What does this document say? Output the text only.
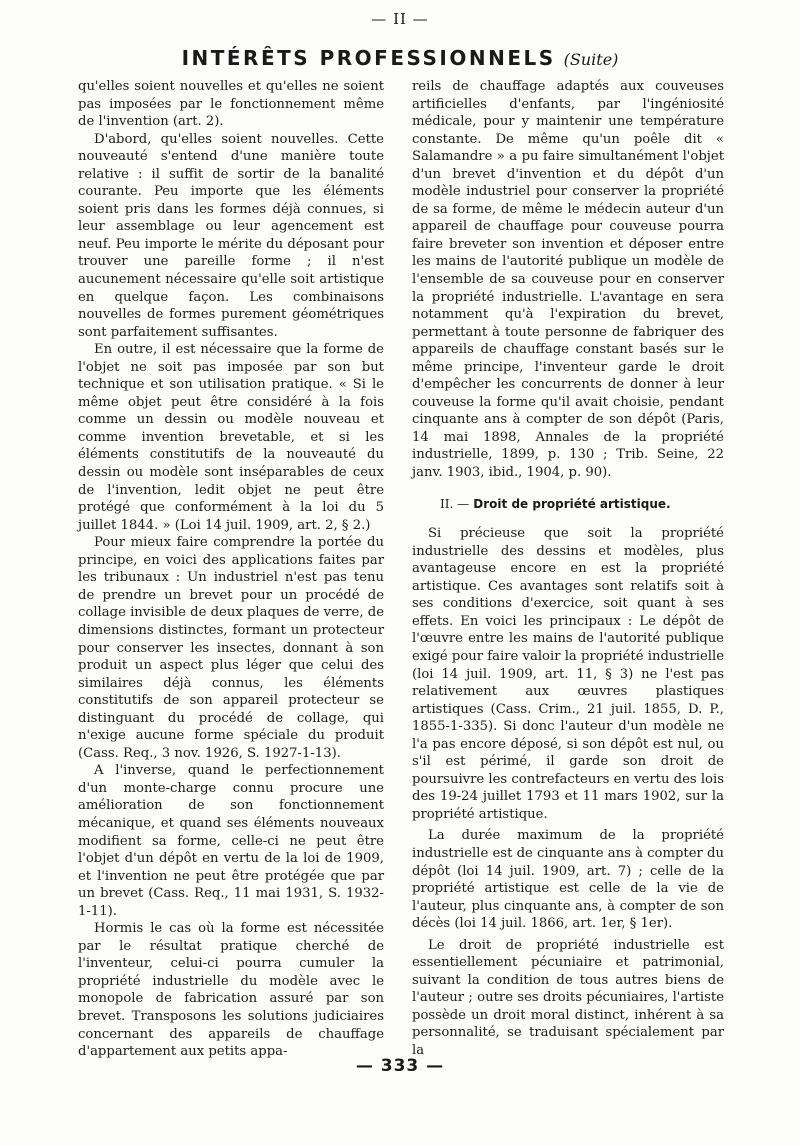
— II —
INTÉRÊTS PROFESSIONNELS (Suite)

qu'elles soient nouvelles et qu'elles ne soient pas imposées par le fonctionnement même de l'invention (art. 2).

D'abord, qu'elles soient nouvelles. Cette nouveauté s'entend d'une manière toute relative : il suffit de sortir de la banalité courante. Peu importe que les éléments soient pris dans les formes déjà connues, si leur assemblage ou leur agencement est neuf. Peu importe le mérite du déposant pour trouver une pareille forme ; il n'est aucunement nécessaire qu'elle soit artistique en quelque façon. Les combinaisons nouvelles de formes purement géométriques sont parfaitement suffisantes.

En outre, il est nécessaire que la forme de l'objet ne soit pas imposée par son but technique et son utilisation pratique. « Si le même objet peut être considéré à la fois comme un dessin ou modèle nouveau et comme invention brevetable, et si les éléments constitutifs de la nouveauté du dessin ou modèle sont inséparables de ceux de l'invention, ledit objet ne peut être protégé que conformément à la loi du 5 juillet 1844. » (Loi 14 juil. 1909, art. 2, § 2.)

Pour mieux faire comprendre la portée du principe, en voici des applications faites par les tribunaux : Un industriel n'est pas tenu de prendre un brevet pour un procédé de collage invisible de deux plaques de verre, de dimensions distinctes, formant un protecteur pour conserver les insectes, donnant à son produit un aspect plus léger que celui des similaires déjà connus, les éléments constitutifs de son appareil protecteur se distinguant du procédé de collage, qui n'exige aucune forme spéciale du produit (Cass. Req., 3 nov. 1926, S. 1927-1-13).

A l'inverse, quand le perfectionnement d'un monte-charge connu procure une amélioration de son fonctionnement mécanique, et quand ses éléments nouveaux modifient sa forme, celle-ci ne peut être l'objet d'un dépôt en vertu de la loi de 1909, et l'invention ne peut être protégée que par un brevet (Cass. Req., 11 mai 1931, S. 1932-1-11).

Hormis le cas où la forme est nécessitée par le résultat pratique cherché de l'inventeur, celui-ci pourra cumuler la propriété industrielle du modèle avec le monopole de fabrication assuré par son brevet. Transposons les solutions judiciaires concernant des appareils de chauffage d'appartement aux petits appa-

reils de chauffage adaptés aux couveuses artificielles d'enfants, par l'ingéniosité médicale, pour y maintenir une température constante. De même qu'un poêle dit « Salamandre » a pu faire simultanément l'objet d'un brevet d'invention et du dépôt d'un modèle industriel pour conserver la propriété de sa forme, de même le médecin auteur d'un appareil de chauffage pour couveuse pourra faire breveter son invention et déposer entre les mains de l'autorité publique un modèle de l'ensemble de sa couveuse pour en conserver la propriété industrielle. L'avantage en sera notamment qu'à l'expiration du brevet, permettant à toute personne de fabriquer des appareils de chauffage constant basés sur le même principe, l'inventeur garde le droit d'empêcher les concurrents de donner à leur couveuse la forme qu'il avait choisie, pendant cinquante ans à compter de son dépôt (Paris, 14 mai 1898, Annales de la propriété industrielle, 1899, p. 130 ; Trib. Seine, 22 janv. 1903, ibid., 1904, p. 90).

II. — Droit de propriété artistique.

Si précieuse que soit la propriété industrielle des dessins et modèles, plus avantageuse encore en est la propriété artistique. Ces avantages sont relatifs soit à ses conditions d'exercice, soit quant à ses effets. En voici les principaux : Le dépôt de l'œuvre entre les mains de l'autorité publique exigé pour faire valoir la propriété industrielle (loi 14 juil. 1909, art. 11, § 3) ne l'est pas relativement aux œuvres plastiques artistiques (Cass. Crim., 21 juil. 1855, D. P., 1855-1-335). Si donc l'auteur d'un modèle ne l'a pas encore déposé, si son dépôt est nul, ou s'il est périmé, il garde son droit de poursuivre les contrefacteurs en vertu des lois des 19-24 juillet 1793 et 11 mars 1902, sur la propriété artistique.

La durée maximum de la propriété industrielle est de cinquante ans à compter du dépôt (loi 14 juil. 1909, art. 7) ; celle de la propriété artistique est celle de la vie de l'auteur, plus cinquante ans, à compter de son décès (loi 14 juil. 1866, art. 1er, § 1er).

Le droit de propriété industrielle est essentiellement pécuniaire et patrimonial, suivant la condition de tous autres biens de l'auteur ; outre ses droits pécuniaires, l'artiste possède un droit moral distinct, inhérent à sa personnalité, se traduisant spécialement par la

— 333 —
